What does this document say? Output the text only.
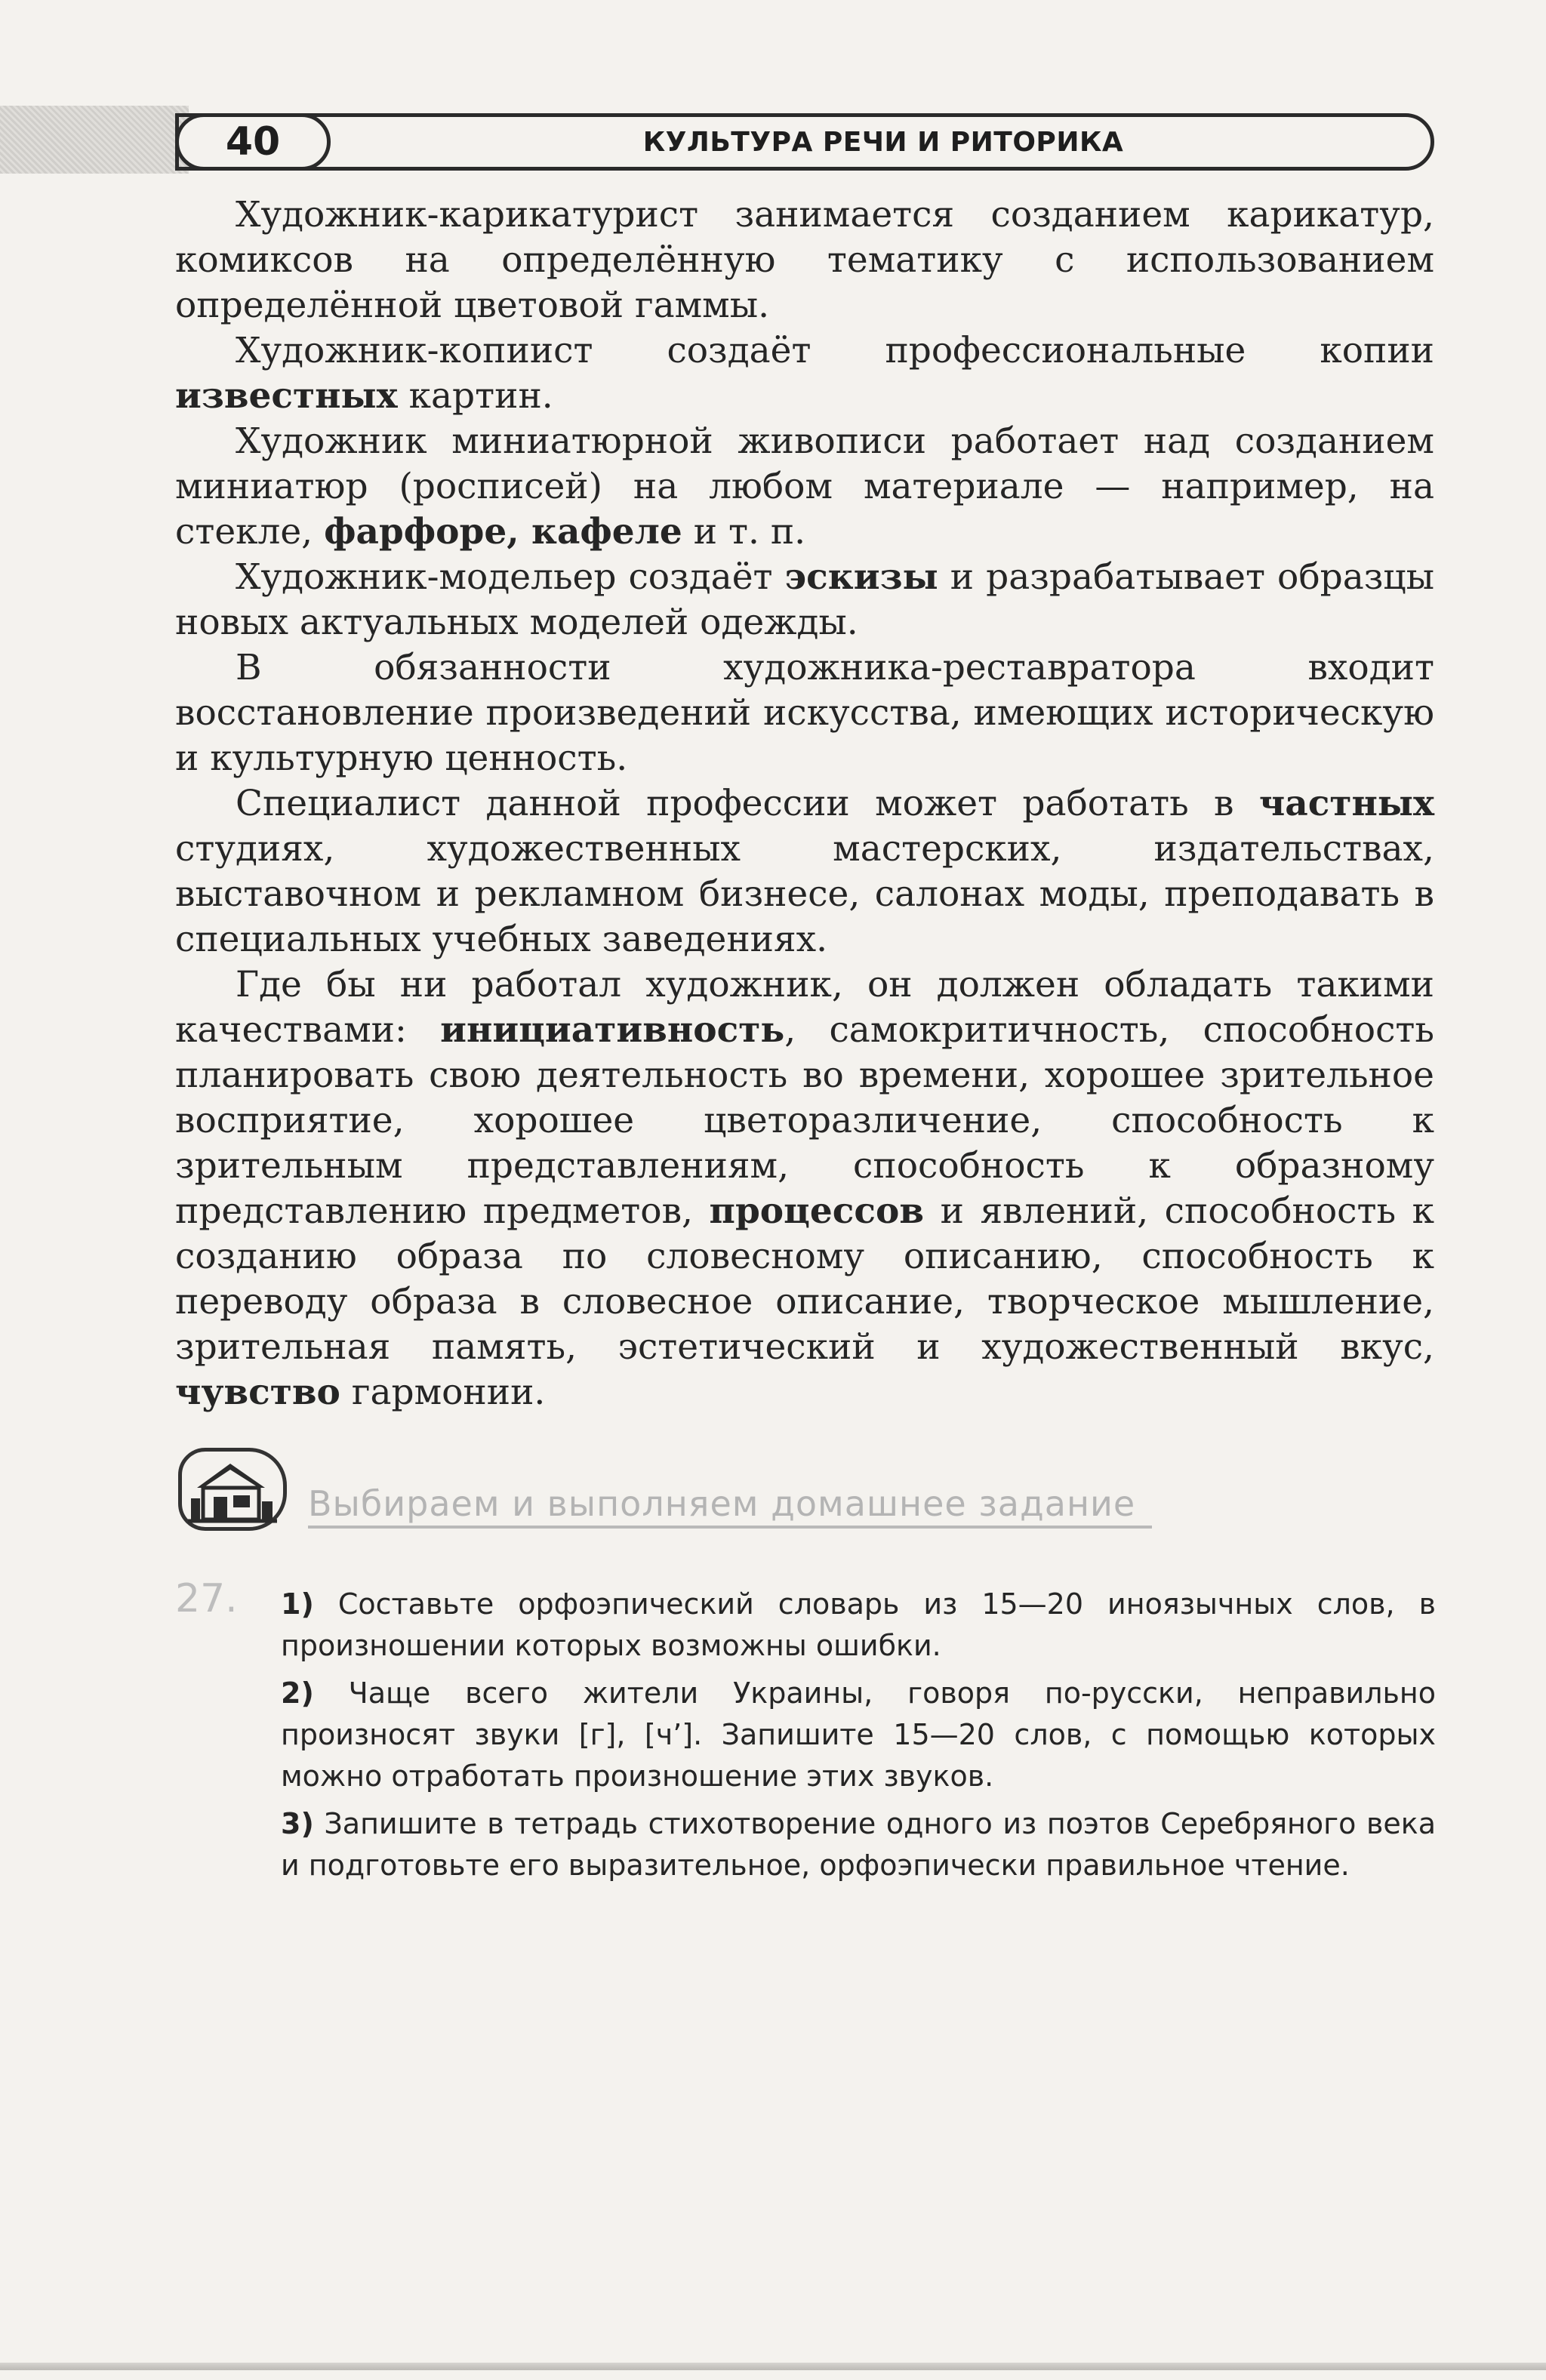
40	КУЛЬТУРА РЕЧИ И РИТОРИКА

Художник-карикатурист занимается созданием карикатур, комиксов на определённую тематику с использованием определённой цветовой гаммы.

Художник-копиист создаёт профессиональные копии известных картин.

Художник миниатюрной живописи работает над созданием миниатюр (росписей) на любом материале — например, на стекле, фарфоре, кафеле и т. п.

Художник-модельер создаёт эскизы и разрабатывает образцы новых актуальных моделей одежды.

В обязанности художника-реставратора входит восстановление произведений искусства, имеющих историческую и культурную ценность.

Специалист данной профессии может работать в частных студиях, художественных мастерских, издательствах, выставочном и рекламном бизнесе, салонах моды, преподавать в специальных учебных заведениях.

Где бы ни работал художник, он должен обладать такими качествами: инициативность, самокритичность, способность планировать свою деятельность во времени, хорошее зрительное восприятие, хорошее цветоразличение, способность к зрительным представлениям, способность к образному представлению предметов, процессов и явлений, способность к созданию образа по словесному описанию, способность к переводу образа в словесное описание, творческое мышление, зрительная память, эстетический и художественный вкус, чувство гармонии.

Выбираем и выполняем домашнее задание
27. 1) Составьте орфоэпический словарь из 15—20 иноязычных слов, в произношении которых возможны ошибки.

2) Чаще всего жители Украины, говоря по-русски, неправильно произносят звуки [г], [ч’]. Запишите 15—20 слов, с помощью которых можно отработать произношение этих звуков.

3) Запишите в тетрадь стихотворение одного из поэтов Серебряного века и подготовьте его выразительное, орфоэпически правильное чтение.
